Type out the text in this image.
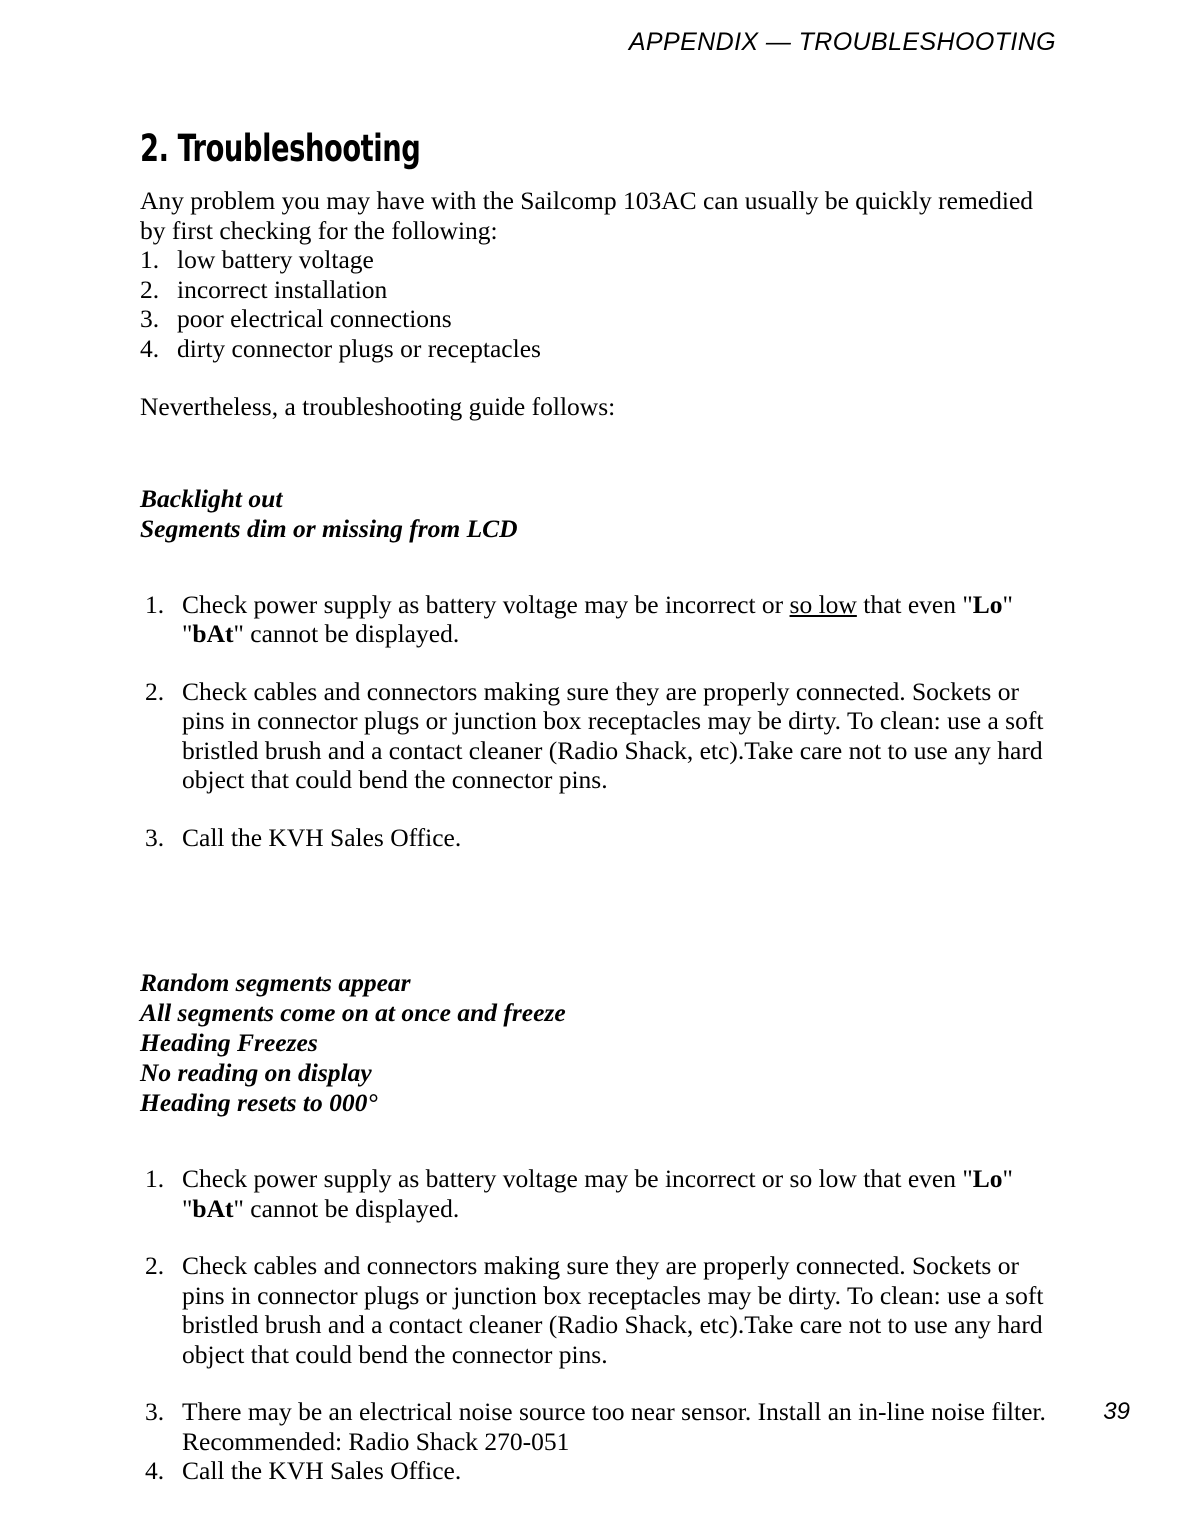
APPENDIX — TROUBLESHOOTING
2. Troubleshooting

Any problem you may have with the Sailcomp 103AC can usually be quickly remedied by first checking for the following:

1. low battery voltage
2. incorrect installation
3. poor electrical connections
4. dirty connector plugs or receptacles

Nevertheless, a troubleshooting guide follows:

Backlight out
Segments dim or missing from LCD
1. Check power supply as battery voltage may be incorrect or so low that even "Lo" "bAt" cannot be displayed.
2. Check cables and connectors making sure they are properly connected. Sockets or pins in connector plugs or junction box receptacles may be dirty. To clean: use a soft bristled brush and a contact cleaner (Radio Shack, etc).Take care not to use any hard object that could bend the connector pins.
3. Call the KVH Sales Office.
Random segments appear
All segments come on at once and freeze
Heading Freezes
No reading on display
Heading resets to 000°
1. Check power supply as battery voltage may be incorrect or so low that even "Lo" "bAt" cannot be displayed.
2. Check cables and connectors making sure they are properly connected. Sockets or pins in connector plugs or junction box receptacles may be dirty. To clean: use a soft bristled brush and a contact cleaner (Radio Shack, etc).Take care not to use any hard object that could bend the connector pins.
3. There may be an electrical noise source too near sensor. Install an in-line noise filter. Recommended: Radio Shack 270-051
4. Call the KVH Sales Office.
39
